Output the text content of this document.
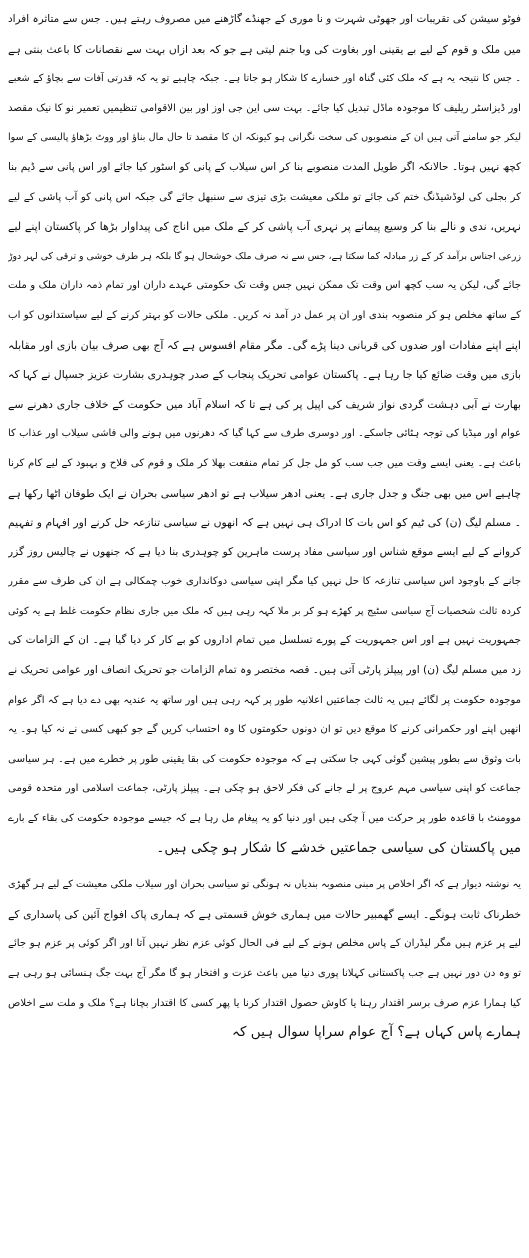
فوٹو سیشن کی تقریبات اور جھوٹی شہرت و نا موری کے جھنڈے گاڑھنے میں مصروف رہتے ہیں۔ جس سے متاثرہ افراد
میں ملک و قوم کے لیے بے یقینی اور بغاوت کی وبا جنم لیتی ہے جو کہ بعد ازاں بہت سے نقصانات کا باعث بنتی ہے
۔ جس کا نتیجہ یہ ہے کہ ملک کئی گناہ اور خسارے کا شکار ہو جاتا ہے۔ جبکہ چاہیے تو یہ کہ قدرتی آفات سے بچاؤ کے شعبے
اور ڈیزاسٹر ریلیف کا موجودہ ماڈل تبدیل کیا جائے۔ بہت سی این جی اوز اور بین الاقوامی تنظیمیں تعمیر نو کا نیک مقصد
لیکر جو سامنے آتی ہیں ان کے منصوبوں کی سخت نگرانی ہو کیونکہ ان کا مقصد تا حال مال بناؤ اور ووٹ بڑھاؤ پالیسی کے سوا
کچھ نہیں ہوتا۔ حالانکہ اگر طویل المدت منصوبے بنا کر اس سیلاب کے پانی کو اسٹور کیا جائے اور اس پانی سے ڈیم بنا
کر بجلی کی لوڈشیڈنگ ختم کی جائے تو ملکی معیشت بڑی تیزی سے سنبھل جائے گی جبکہ اس پانی کو آب پاشی کے لیے
نہریں، ندی و نالے بنا کر وسیع پیمانے پر نہری آب پاشی کر کے ملک میں اناج کی پیداوار بڑھا کر پاکستان اپنے لیے
زرعی اجناس برآمد کر کے زر مبادلہ کما سکتا ہے، جس سے نہ صرف ملک خوشحال ہو گا بلکہ ہر طرف خوشی و ترقی کی لہر دوڑ
جائے گی، لیکن یہ سب کچھ اس وقت تک ممکن نہیں جس وقت تک حکومتی عہدے داران اور تمام ذمہ داران ملک و ملت
کے ساتھ مخلص ہو کر منصوبہ بندی اور ان پر عمل در آمد نہ کریں۔ ملکی حالات کو بہتر کرنے کے لیے سیاستدانوں کو اب
اپنے اپنے مفادات اور ضدوں کی قربانی دینا پڑے گی۔ مگر مقام افسوس ہے کہ آج بھی صرف بیان بازی اور مقابلہ
بازی میں وقت ضائع کیا جا رہا ہے۔ پاکستان عوامی تحریک پنجاب کے صدر چوہدری بشارت عزیز جسپال نے کہا کہ
بھارت نے آبی دہشت گردی نواز شریف کی اپیل پر کی ہے تا کہ اسلام آباد میں حکومت کے خلاف جاری دھرنے سے
عوام اور میڈیا کی توجہ ہٹائی جاسکے۔ اور دوسری طرف سے کہا گیا کہ دھرنوں میں ہونے والی فاشی سیلاب اور عذاب کا
باعث ہے۔ یعنی ایسے وقت میں جب سب کو مل جل کر تمام منفعت بھلا کر ملک و قوم کی فلاح و بہبود کے لیے کام کرنا
چاہیے اس میں بھی جنگ و جدل جاری ہے۔ یعنی ادھر سیلاب ہے تو ادھر سیاسی بحران نے ایک طوفان اٹھا رکھا ہے
۔ مسلم لیگ (ن) کی ٹیم کو اس بات کا ادراک ہی نہیں ہے کہ انھوں نے سیاسی تنازعہ حل کرنے اور افہام و تفہیم
کروانے کے لیے ایسے موقع شناس اور سیاسی مفاد پرست ماہرین کو چوہدری بنا دیا ہے کہ جنھوں نے چالیس روز گزر
جانے کے باوجود اس سیاسی تنازعہ کا حل نہیں کیا مگر اپنی سیاسی دوکانداری خوب چمکالی ہے ان کی طرف سے مقرر
کردہ ثالث شخصیات آج سیاسی سٹیج پر کھڑے ہو کر بر ملا کہہ رہی ہیں کہ ملک میں جاری نظام حکومت غلط ہے یہ کوئی
جمہوریت نہیں ہے اور اس جمہوریت کے پورے تسلسل میں تمام اداروں کو بے کار کر دیا گیا ہے۔ ان کے الزامات کی
زد میں مسلم لیگ (ن) اور پیپلز پارٹی آتی ہیں۔ قصہ مختصر وہ تمام الزامات جو تحریک انصاف اور عوامی تحریک نے
موجودہ حکومت پر لگائے ہیں یہ ثالث جماعتیں اعلانیہ طور پر کہہ رہی ہیں اور ساتھ یہ عندیہ بھی دے دیا ہے کہ اگر عوام
انھیں اپنے اور حکمرانی کرنے کا موقع دیں تو ان دونوں حکومتوں کا وہ احتساب کریں گے جو کبھی کسی نے نہ کیا ہو۔ یہ
بات وثوق سے بطور پیشین گوئی کہی جا سکتی ہے کہ موجودہ حکومت کی بقا یقینی طور پر خطرے میں ہے۔ ہر سیاسی
جماعت کو اپنی سیاسی مہم عروج پر لے جانے کی فکر لاحق ہو چکی ہے۔ پیپلز پارٹی، جماعت اسلامی اور متحدہ قومی
موومنٹ با قاعدہ طور پر حرکت میں آ چکی ہیں اور دنیا کو یہ پیغام مل رہا ہے کہ جیسے موجودہ حکومت کی بقاء کے بارے
میں پاکستان کی سیاسی جماعتیں خدشے کا شکار ہو چکی ہیں۔
یہ نوشتہ دیوار ہے کہ اگر اخلاص پر مبنی منصوبہ بندیاں نہ ہونگی تو سیاسی بحران اور سیلاب ملکی معیشت کے لیے ہر گھڑی
خطرناک ثابت ہونگے۔ ایسے گھمبیر حالات میں ہماری خوش قسمتی ہے کہ ہماری پاک افواج آئین کی پاسداری کے
لیے پر عزم ہیں مگر لیڈران کے پاس مخلص ہونے کے لیے فی الحال کوئی عزم نظر نہیں آتا اور اگر کوئی پر عزم ہو جائے
تو وہ دن دور نہیں ہے جب پاکستانی کہلانا پوری دنیا میں باعث عزت و افتخار ہو گا مگر آج بہت جگ ہنسائی ہو رہی ہے
کیا ہمارا عزم صرف برسر اقتدار رہنا یا کاوش حصول اقتدار کرنا یا پھر کسی کا اقتدار بچانا ہے؟ ملک و ملت سے اخلاص
ہمارے پاس کہاں ہے؟ آج عوام سراپا سوال ہیں کہ
